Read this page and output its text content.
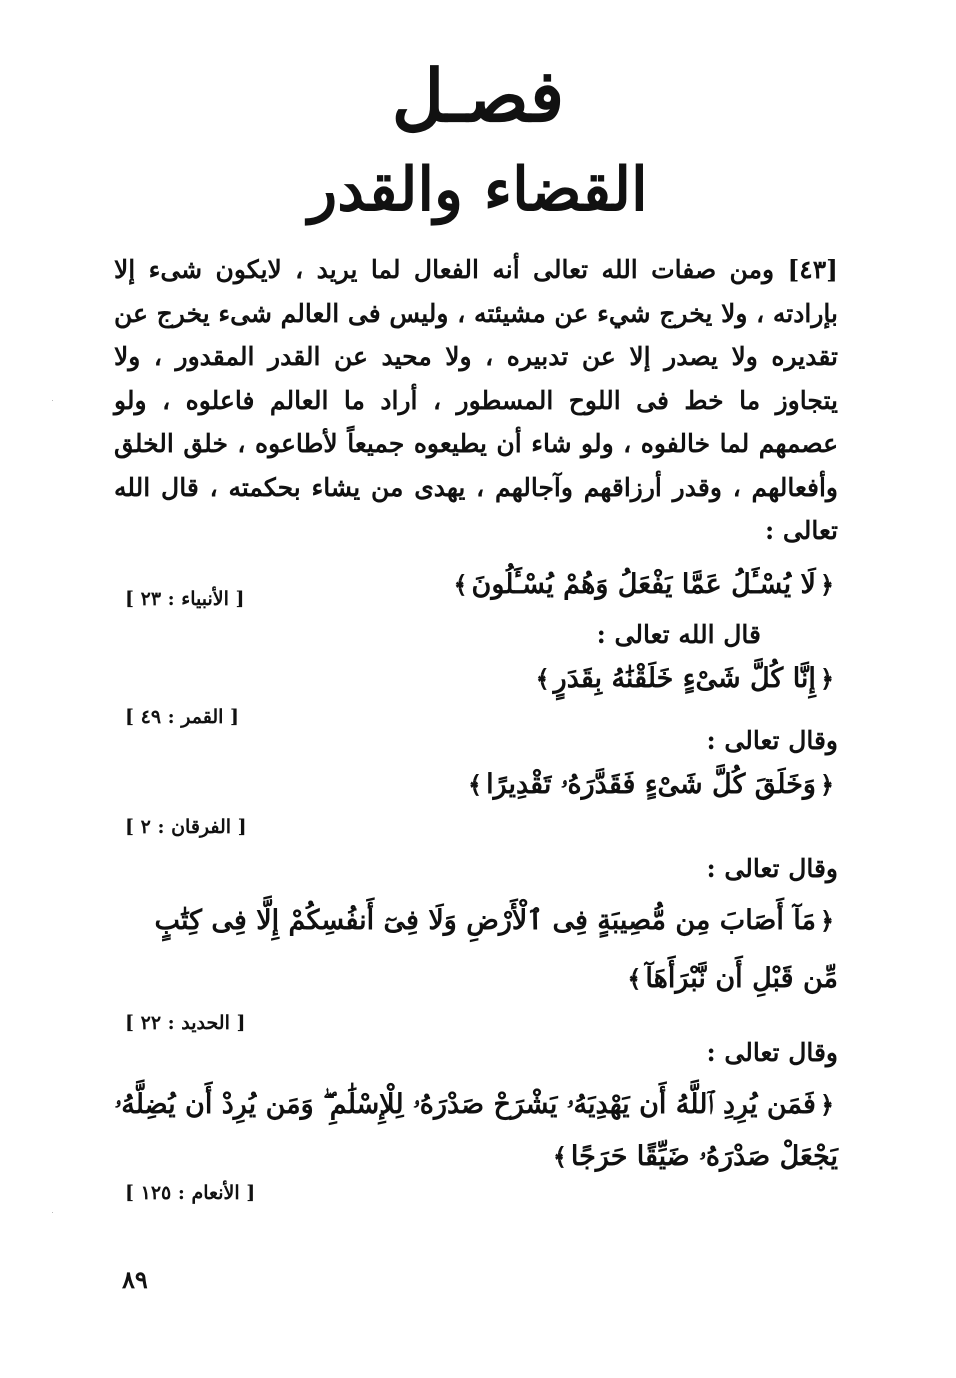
فصـل
القضاء والقدر

[٤٣] ومن صفات الله تعالى أنه الفعال لما يريد ، لايكون شىء إلا بإرادته ، ولا يخرج شيء عن مشيئته ، وليس فى العالم شىء يخرج عن تقديره ولا يصدر إلا عن تدبيره ، ولا محيد عن القدر المقدور ، ولا يتجاوز ما خط فى اللوح المسطور ، أراد ما العالم فاعلوه ، ولو عصمهم لما خالفوه ، ولو شاء أن يطيعوه جميعاً لأطاعوه ، خلق الخلق وأفعالهم ، وقدر أرزاقهم وآجالهم ، يهدى من يشاء بحكمته ، قال الله تعالى :

﴿لَا يُسْـَٔلُ عَمَّا يَفْعَلُ وَهُمْ يُسْـَٔلُونَ﴾
[ الأنبياء : ٢٣ ]
قال الله تعالى :
﴿إِنَّا كُلَّ شَىْءٍ خَلَقْنَٰهُ بِقَدَرٍ﴾
[ القمر : ٤٩ ]
وقال تعالى :
﴿وَخَلَقَ كُلَّ شَىْءٍ فَقَدَّرَهُۥ تَقْدِيرًا﴾
[ الفرقان : ٢ ]
وقال تعالى :
﴿مَآ أَصَابَ مِن مُّصِيبَةٍ فِى ٱلْأَرْضِ وَلَا فِىٓ أَنفُسِكُمْ إِلَّا فِى كِتَٰبٍ
مِّن قَبْلِ أَن نَّبْرَأَهَآ﴾
[ الحديد : ٢٢ ]
وقال تعالى :
﴿فَمَن يُرِدِ ٱللَّهُ أَن يَهْدِيَهُۥ يَشْرَحْ صَدْرَهُۥ لِلْإِسْلَٰمِ ۖ وَمَن يُرِدْ أَن يُضِلَّهُۥ
يَجْعَلْ صَدْرَهُۥ ضَيِّقًا حَرَجًا﴾
[ الأنعام : ١٢٥ ]
٨٩
